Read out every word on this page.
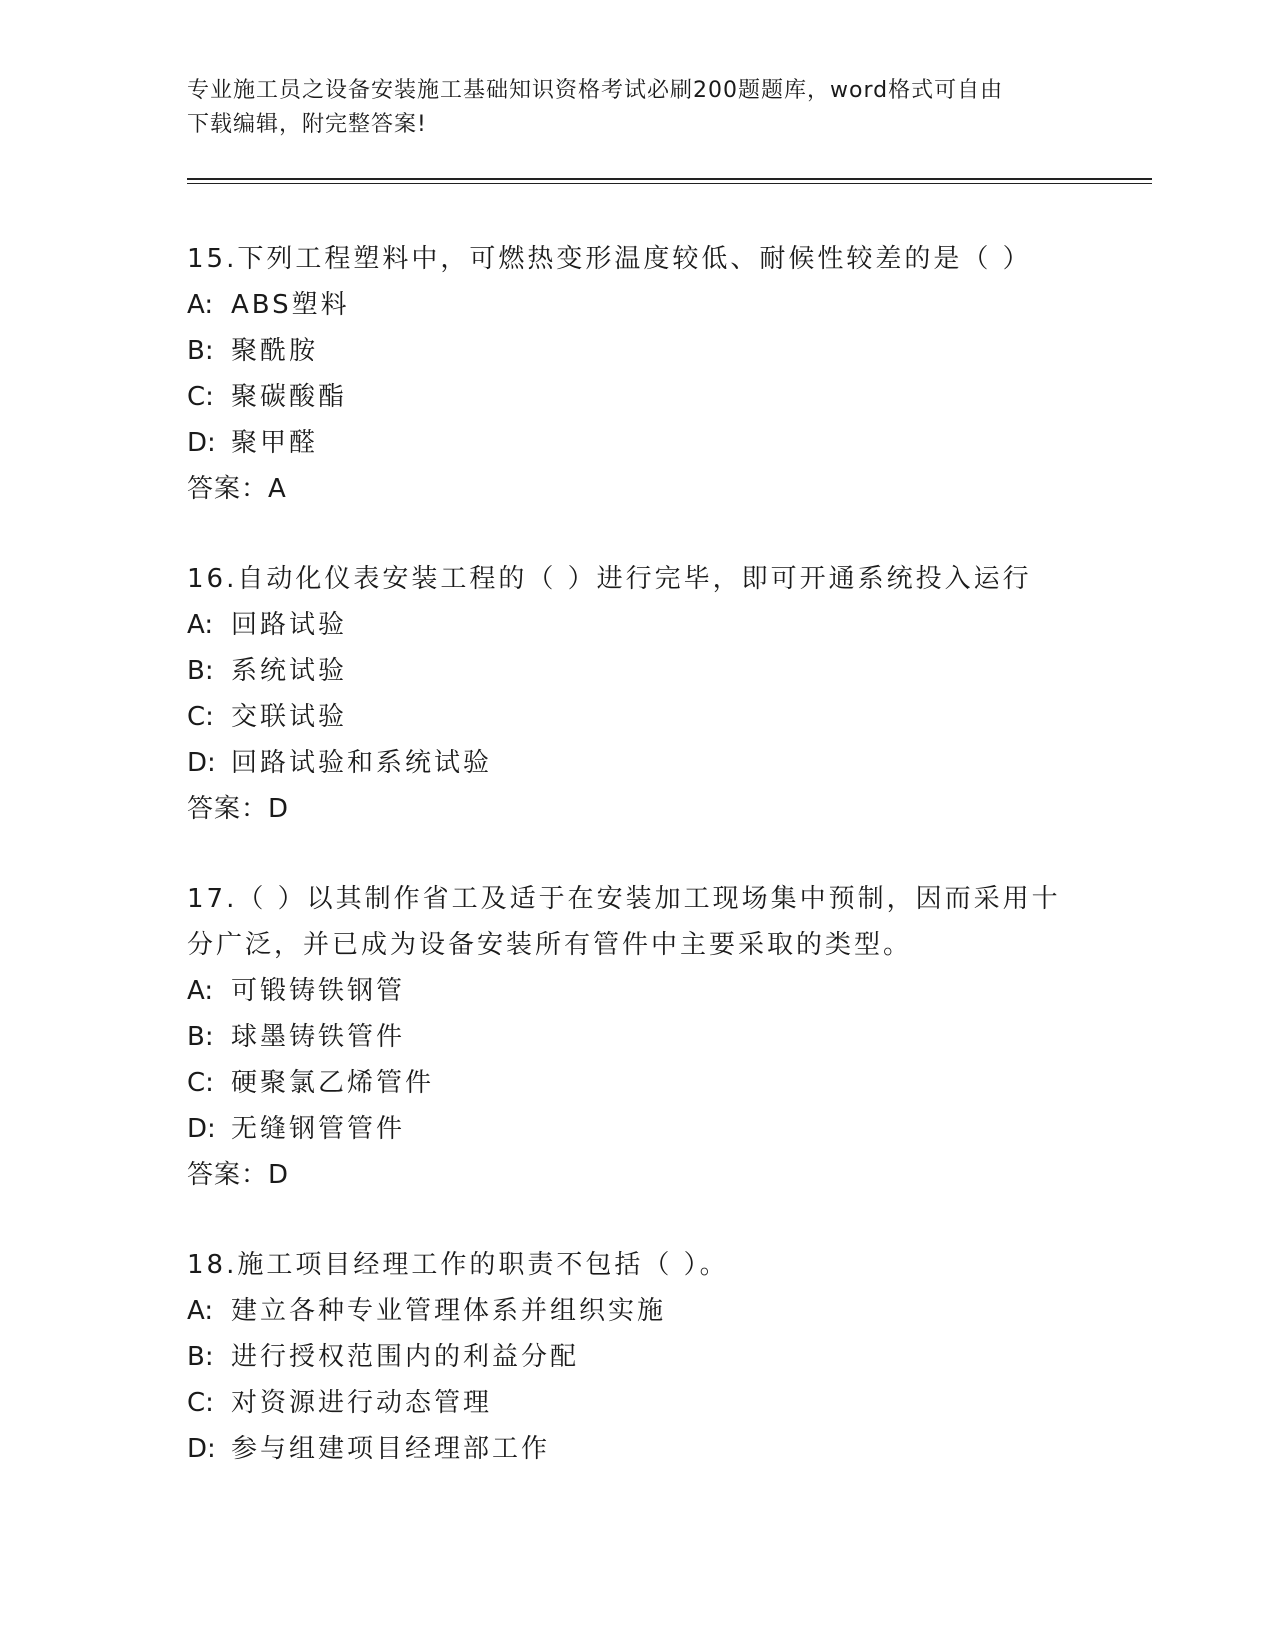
专业施工员之设备安装施工基础知识资格考试必刷200题题库，word格式可自由
下载编辑，附完整答案!
15.下列工程塑料中，可燃热变形温度较低、耐候性较差的是（ ）
A: ABS塑料
B: 聚酰胺
C: 聚碳酸酯
D: 聚甲醛
答案：A
16.自动化仪表安装工程的（ ）进行完毕，即可开通系统投入运行
A: 回路试验
B: 系统试验
C: 交联试验
D: 回路试验和系统试验
答案：D
17.（ ）以其制作省工及适于在安装加工现场集中预制，因而采用十分广泛，并已成为设备安装所有管件中主要采取的类型。
A: 可锻铸铁钢管
B: 球墨铸铁管件
C: 硬聚氯乙烯管件
D: 无缝钢管管件
答案：D
18.施工项目经理工作的职责不包括（ ）。
A: 建立各种专业管理体系并组织实施
B: 进行授权范围内的利益分配
C: 对资源进行动态管理
D: 参与组建项目经理部工作
